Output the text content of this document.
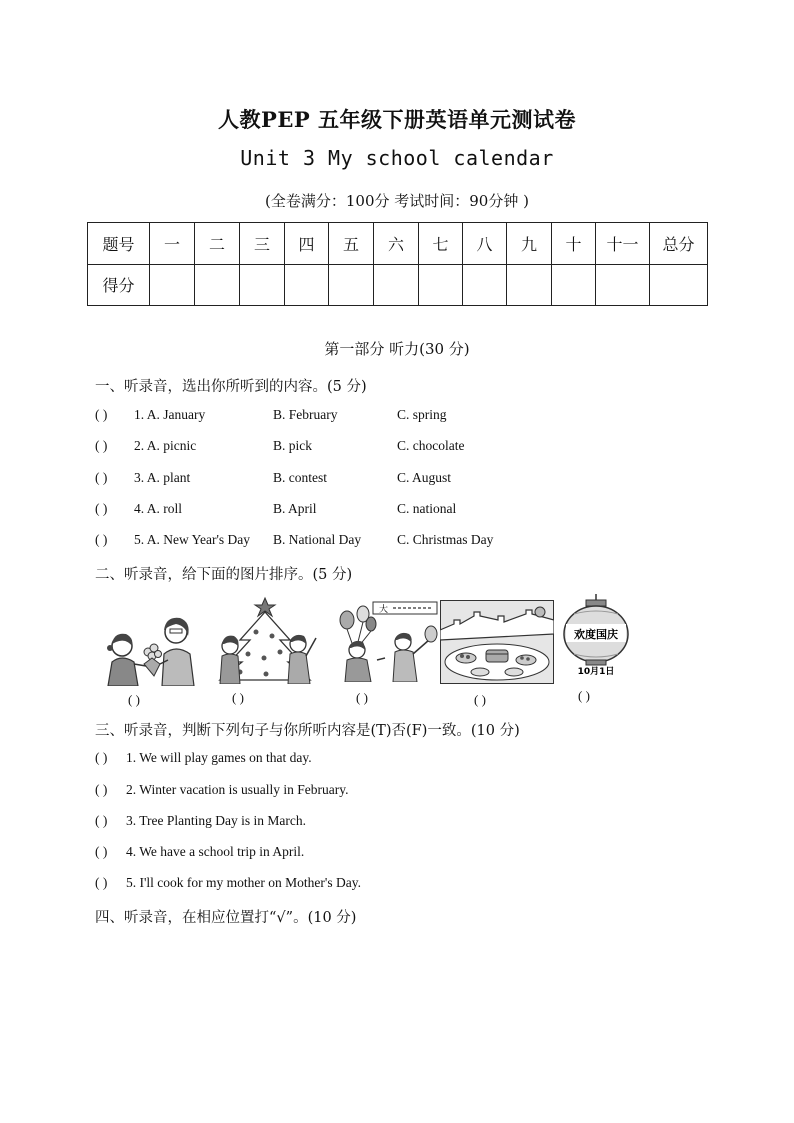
人教PEP 五年级下册英语单元测试卷
Unit 3 My school calendar
(全卷满分：100分 考试时间：90分钟 )
题号	一	二	三	四	五	六	七	八	九	十	十一	总分
得分												
第一部分 听力(30 分)
一、听录音，选出你所听到的内容。(5 分)
( ) 1. A. January	B. February	C. spring
( ) 2. A. picnic	B. pick	C. chocolate
( ) 3. A. plant	B. contest	C. August
( ) 4. A. roll	B. April	C. national
( ) 5. A. New Year's Day B. National Day	C. Christmas Day
二、听录音，给下面的图片排序。(5 分)
( )	( )
大
( )	( )
欢度国庆
10月1日
( )
三、听录音，判断下列句子与你所听内容是(T)否(F)一致。(10 分)
( ) 1. We will play games on that day.
( ) 2. Winter vacation is usually in February.
( ) 3. Tree Planting Day is in March.
( ) 4. We have a school trip in April.
( ) 5. I'll cook for my mother on Mother's Day.
四、听录音，在相应位置打“√”。(10 分)
